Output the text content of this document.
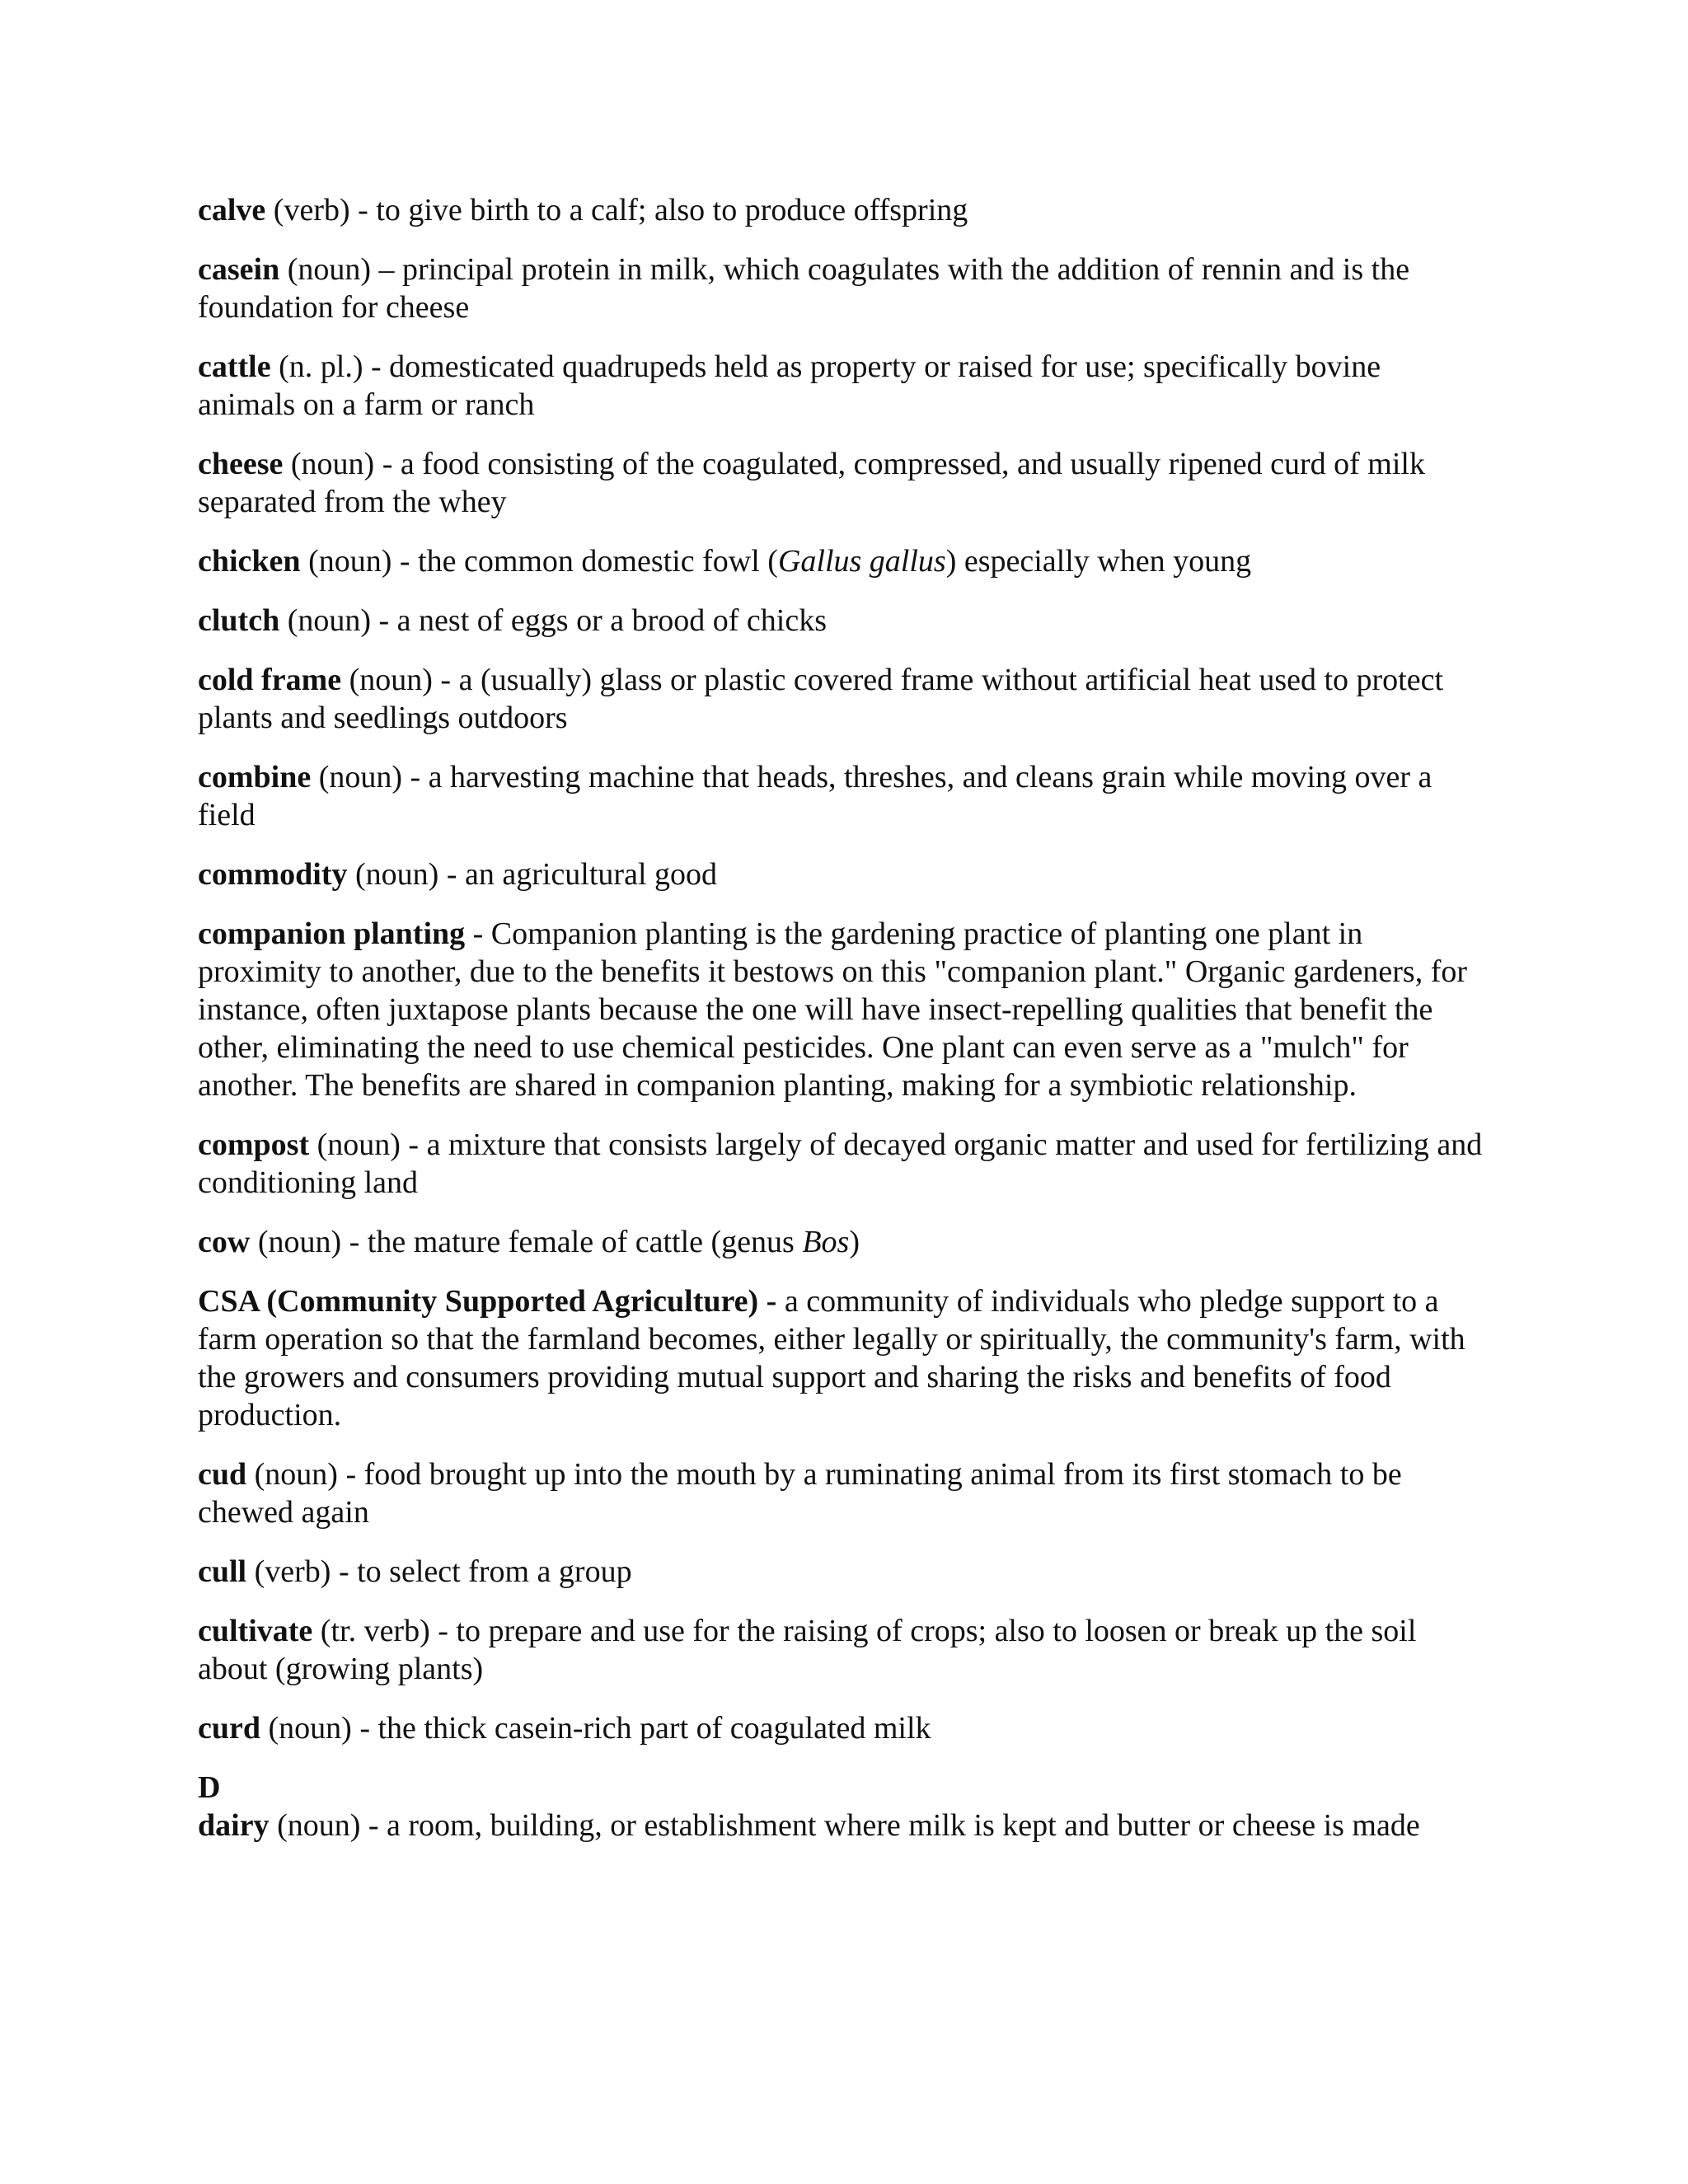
calve (verb) - to give birth to a calf; also to produce offspring

casein (noun) – principal protein in milk, which coagulates with the addition of rennin and is the foundation for cheese

cattle (n. pl.) - domesticated quadrupeds held as property or raised for use; specifically bovine animals on a farm or ranch

cheese (noun) - a food consisting of the coagulated, compressed, and usually ripened curd of milk separated from the whey

chicken (noun) - the common domestic fowl (Gallus gallus) especially when young

clutch (noun) - a nest of eggs or a brood of chicks

cold frame (noun) - a (usually) glass or plastic covered frame without artificial heat used to protect plants and seedlings outdoors

combine (noun) - a harvesting machine that heads, threshes, and cleans grain while moving over a field

commodity (noun) - an agricultural good

companion planting - Companion planting is the gardening practice of planting one plant in proximity to another, due to the benefits it bestows on this "companion plant." Organic gardeners, for instance, often juxtapose plants because the one will have insect-repelling qualities that benefit the other, eliminating the need to use chemical pesticides. One plant can even serve as a "mulch" for another. The benefits are shared in companion planting, making for a symbiotic relationship.

compost (noun) - a mixture that consists largely of decayed organic matter and used for fertilizing and conditioning land

cow (noun) - the mature female of cattle (genus Bos)

CSA (Community Supported Agriculture) - a community of individuals who pledge support to a farm operation so that the farmland becomes, either legally or spiritually, the community's farm, with the growers and consumers providing mutual support and sharing the risks and benefits of food production.

cud (noun) - food brought up into the mouth by a ruminating animal from its first stomach to be chewed again

cull (verb) - to select from a group

cultivate (tr. verb) - to prepare and use for the raising of crops; also to loosen or break up the soil about (growing plants)

curd (noun) - the thick casein-rich part of coagulated milk

D

dairy (noun) - a room, building, or establishment where milk is kept and butter or cheese is made
